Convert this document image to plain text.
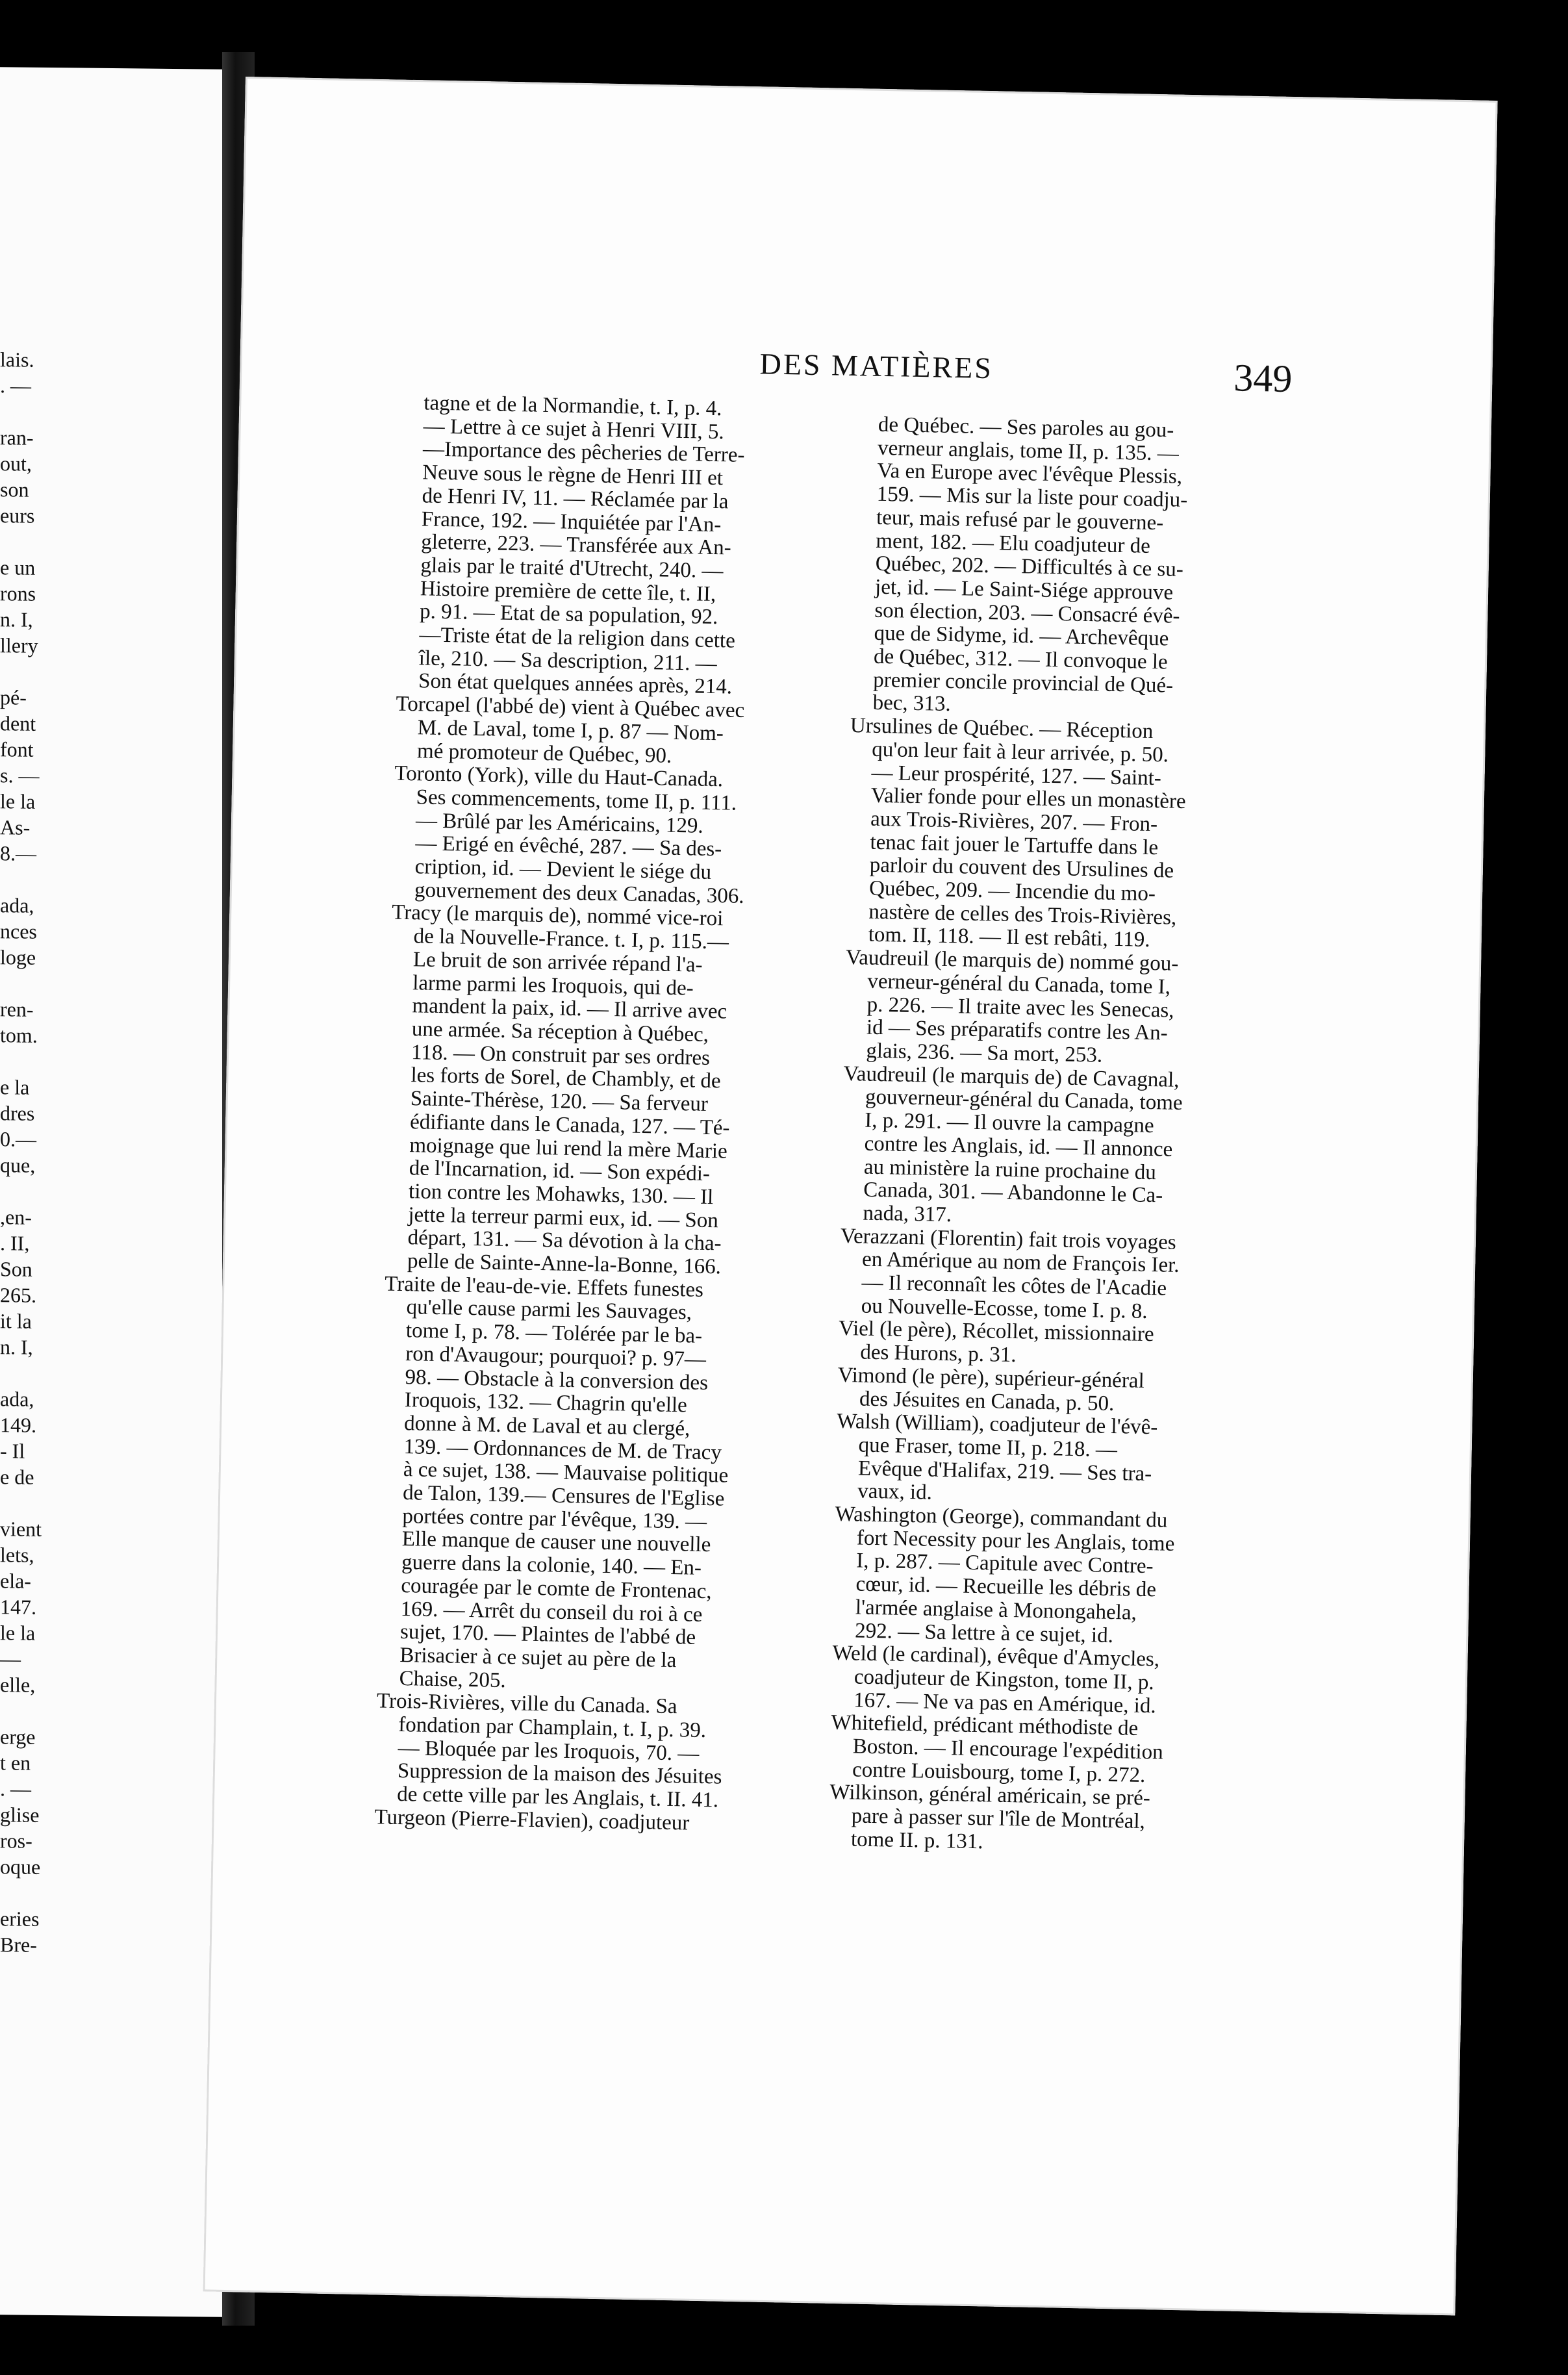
lais.
. —
ran-
out,
son
eurs
e un
rons
n. I,
llery
pé-
dent
font
s. —
le la
As-
8.—
ada,
nces
loge
ren-
tom.
e la
dres
0.—
que,
,en-
. II,
Son
265.
it la
n. I,
ada,
149.
- Il
e de
vient
lets,
ela-
147.
le la
—
elle,
erge
t en
. —
glise
ros-
oque
eries
Bre-
DES MATIÈRES	349
tagne et de la Normandie, t. I, p. 4.
— Lettre à ce sujet à Henri VIII, 5.
—Importance des pêcheries de Terre-
Neuve sous le règne de Henri III et
de Henri IV, 11. — Réclamée par la
France, 192. — Inquiétée par l'An-
gleterre, 223. — Transférée aux An-
glais par le traité d'Utrecht, 240. —
Histoire première de cette île, t. II,
p. 91. — Etat de sa population, 92.
—Triste état de la religion dans cette
île, 210. — Sa description, 211. —
Son état quelques années après, 214.
Torcapel (l'abbé de) vient à Québec avec
M. de Laval, tome I, p. 87 — Nom-
mé promoteur de Québec, 90.
Toronto (York), ville du Haut-Canada.
Ses commencements, tome II, p. 111.
— Brûlé par les Américains, 129.
— Erigé en évêché, 287. — Sa des-
cription, id. — Devient le siége du
gouvernement des deux Canadas, 306.
Tracy (le marquis de), nommé vice-roi
de la Nouvelle-France. t. I, p. 115.—
Le bruit de son arrivée répand l'a-
larme parmi les Iroquois, qui de-
mandent la paix, id. — Il arrive avec
une armée. Sa réception à Québec,
118. — On construit par ses ordres
les forts de Sorel, de Chambly, et de
Sainte-Thérèse, 120. — Sa ferveur
édifiante dans le Canada, 127. — Té-
moignage que lui rend la mère Marie
de l'Incarnation, id. — Son expédi-
tion contre les Mohawks, 130. — Il
jette la terreur parmi eux, id. — Son
départ, 131. — Sa dévotion à la cha-
pelle de Sainte-Anne-la-Bonne, 166.
Traite de l'eau-de-vie. Effets funestes
qu'elle cause parmi les Sauvages,
tome I, p. 78. — Tolérée par le ba-
ron d'Avaugour; pourquoi? p. 97—
98. — Obstacle à la conversion des
Iroquois, 132. — Chagrin qu'elle
donne à M. de Laval et au clergé,
139. — Ordonnances de M. de Tracy
à ce sujet, 138. — Mauvaise politique
de Talon, 139.— Censures de l'Eglise
portées contre par l'évêque, 139. —
Elle manque de causer une nouvelle
guerre dans la colonie, 140. — En-
couragée par le comte de Frontenac,
169. — Arrêt du conseil du roi à ce
sujet, 170. — Plaintes de l'abbé de
Brisacier à ce sujet au père de la
Chaise, 205.
Trois-Rivières, ville du Canada. Sa
fondation par Champlain, t. I, p. 39.
— Bloquée par les Iroquois, 70. —
Suppression de la maison des Jésuites
de cette ville par les Anglais, t. II. 41.
Turgeon (Pierre-Flavien), coadjuteur
de Québec. — Ses paroles au gou-
verneur anglais, tome II, p. 135. —
Va en Europe avec l'évêque Plessis,
159. — Mis sur la liste pour coadju-
teur, mais refusé par le gouverne-
ment, 182. — Elu coadjuteur de
Québec, 202. — Difficultés à ce su-
jet, id. — Le Saint-Siége approuve
son élection, 203. — Consacré évê-
que de Sidyme, id. — Archevêque
de Québec, 312. — Il convoque le
premier concile provincial de Qué-
bec, 313.
Ursulines de Québec. — Réception
qu'on leur fait à leur arrivée, p. 50.
— Leur prospérité, 127. — Saint-
Valier fonde pour elles un monastère
aux Trois-Rivières, 207. — Fron-
tenac fait jouer le Tartuffe dans le
parloir du couvent des Ursulines de
Québec, 209. — Incendie du mo-
nastère de celles des Trois-Rivières,
tom. II, 118. — Il est rebâti, 119.
Vaudreuil (le marquis de) nommé gou-
verneur-général du Canada, tome I,
p. 226. — Il traite avec les Senecas,
id — Ses préparatifs contre les An-
glais, 236. — Sa mort, 253.
Vaudreuil (le marquis de) de Cavagnal,
gouverneur-général du Canada, tome
I, p. 291. — Il ouvre la campagne
contre les Anglais, id. — Il annonce
au ministère la ruine prochaine du
Canada, 301. — Abandonne le Ca-
nada, 317.
Verazzani (Florentin) fait trois voyages
en Amérique au nom de François Ier.
— Il reconnaît les côtes de l'Acadie
ou Nouvelle-Ecosse, tome I. p. 8.
Viel (le père), Récollet, missionnaire
des Hurons, p. 31.
Vimond (le père), supérieur-général
des Jésuites en Canada, p. 50.
Walsh (William), coadjuteur de l'évê-
que Fraser, tome II, p. 218. —
Evêque d'Halifax, 219. — Ses tra-
vaux, id.
Washington (George), commandant du
fort Necessity pour les Anglais, tome
I, p. 287. — Capitule avec Contre-
cœur, id. — Recueille les débris de
l'armée anglaise à Monongahela,
292. — Sa lettre à ce sujet, id.
Weld (le cardinal), évêque d'Amycles,
coadjuteur de Kingston, tome II, p.
167. — Ne va pas en Amérique, id.
Whitefield, prédicant méthodiste de
Boston. — Il encourage l'expédition
contre Louisbourg, tome I, p. 272.
Wilkinson, général américain, se pré-
pare à passer sur l'île de Montréal,
tome II. p. 131.
